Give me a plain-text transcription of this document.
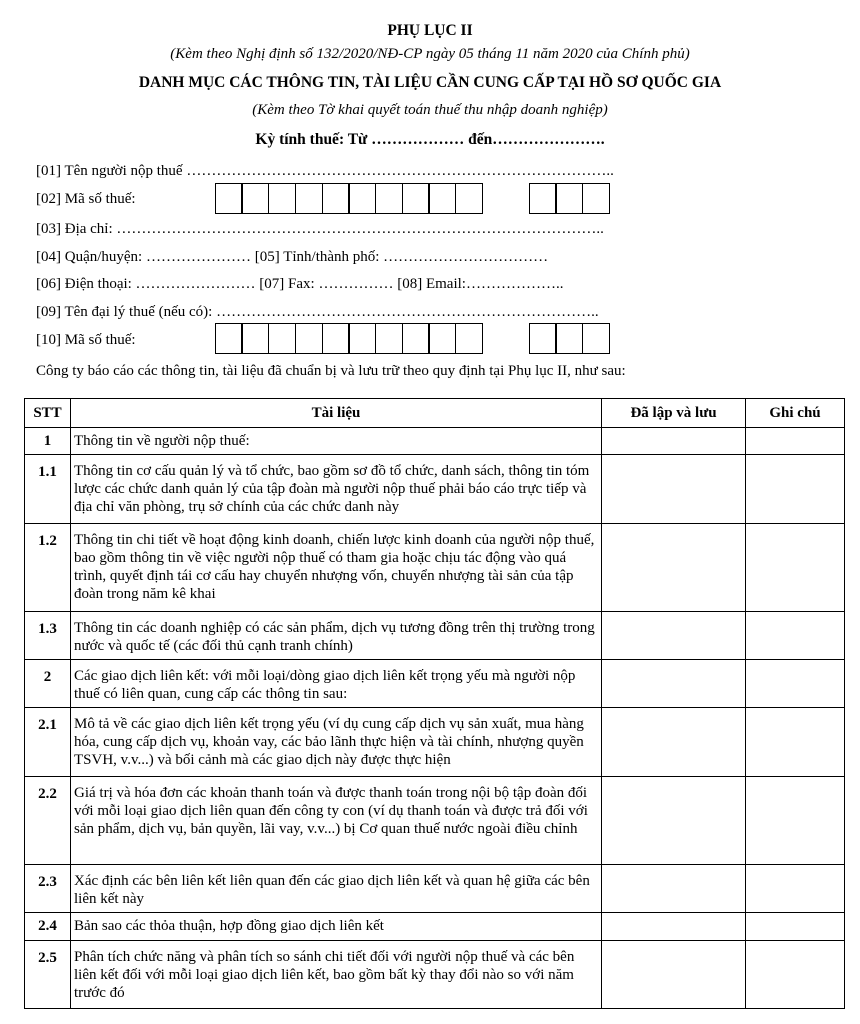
PHỤ LỤC II
(Kèm theo Nghị định số 132/2020/NĐ-CP ngày 05 tháng 11 năm 2020 của Chính phủ)
DANH MỤC CÁC THÔNG TIN, TÀI LIỆU CẦN CUNG CẤP TẠI HỒ SƠ QUỐC GIA
(Kèm theo Tờ khai quyết toán thuế thu nhập doanh nghiệp)
Kỳ tính thuế: Từ ……………… đến………………….
[01] Tên người nộp thuế …………………………………………………………………………..
[02] Mã số thuế:
[03] Địa chỉ: ……………………………………………………………………………………..
[04] Quận/huyện: ………………… [05] Tỉnh/thành phố: ……………………………
[06] Điện thoại: …………………… [07] Fax: …………… [08] Email:………………..
[09] Tên đại lý thuế (nếu có): …………………………………………………………………..
[10] Mã số thuế:
Công ty báo cáo các thông tin, tài liệu đã chuẩn bị và lưu trữ theo quy định tại Phụ lục II, như sau:
STT	Tài liệu	Đã lập và lưu	Ghi chú
1	Thông tin về người nộp thuế:		
1.1	Thông tin cơ cấu quản lý và tổ chức, bao gồm sơ đồ tổ chức, danh sách, thông tin tóm lược các chức danh quản lý của tập đoàn mà người nộp thuế phải báo cáo trực tiếp và địa chỉ văn phòng, trụ sở chính của các chức danh này		
1.2	Thông tin chi tiết về hoạt động kinh doanh, chiến lược kinh doanh của người nộp thuế, bao gồm thông tin về việc người nộp thuế có tham gia hoặc chịu tác động vào quá trình, quyết định tái cơ cấu hay chuyển nhượng vốn, chuyển nhượng tài sản của tập đoàn trong năm kê khai		
1.3	Thông tin các doanh nghiệp có các sản phẩm, dịch vụ tương đồng trên thị trường trong nước và quốc tế (các đối thủ cạnh tranh chính)		
2	Các giao dịch liên kết: với mỗi loại/dòng giao dịch liên kết trọng yếu mà người nộp thuế có liên quan, cung cấp các thông tin sau:		
2.1	Mô tả về các giao dịch liên kết trọng yếu (ví dụ cung cấp dịch vụ sản xuất, mua hàng hóa, cung cấp dịch vụ, khoản vay, các bảo lãnh thực hiện và tài chính, nhượng quyền TSVH, v.v...) và bối cảnh mà các giao dịch này được thực hiện		
2.2	Giá trị và hóa đơn các khoản thanh toán và được thanh toán trong nội bộ tập đoàn đối với mỗi loại giao dịch liên quan đến công ty con (ví dụ thanh toán và được trả đối với sản phẩm, dịch vụ, bản quyền, lãi vay, v.v...) bị Cơ quan thuế nước ngoài điều chỉnh		
2.3	Xác định các bên liên kết liên quan đến các giao dịch liên kết và quan hệ giữa các bên liên kết này		
2.4	Bản sao các thỏa thuận, hợp đồng giao dịch liên kết		
2.5	Phân tích chức năng và phân tích so sánh chi tiết đối với người nộp thuế và các bên liên kết đối với mỗi loại giao dịch liên kết, bao gồm bất kỳ thay đổi nào so với năm trước đó		
